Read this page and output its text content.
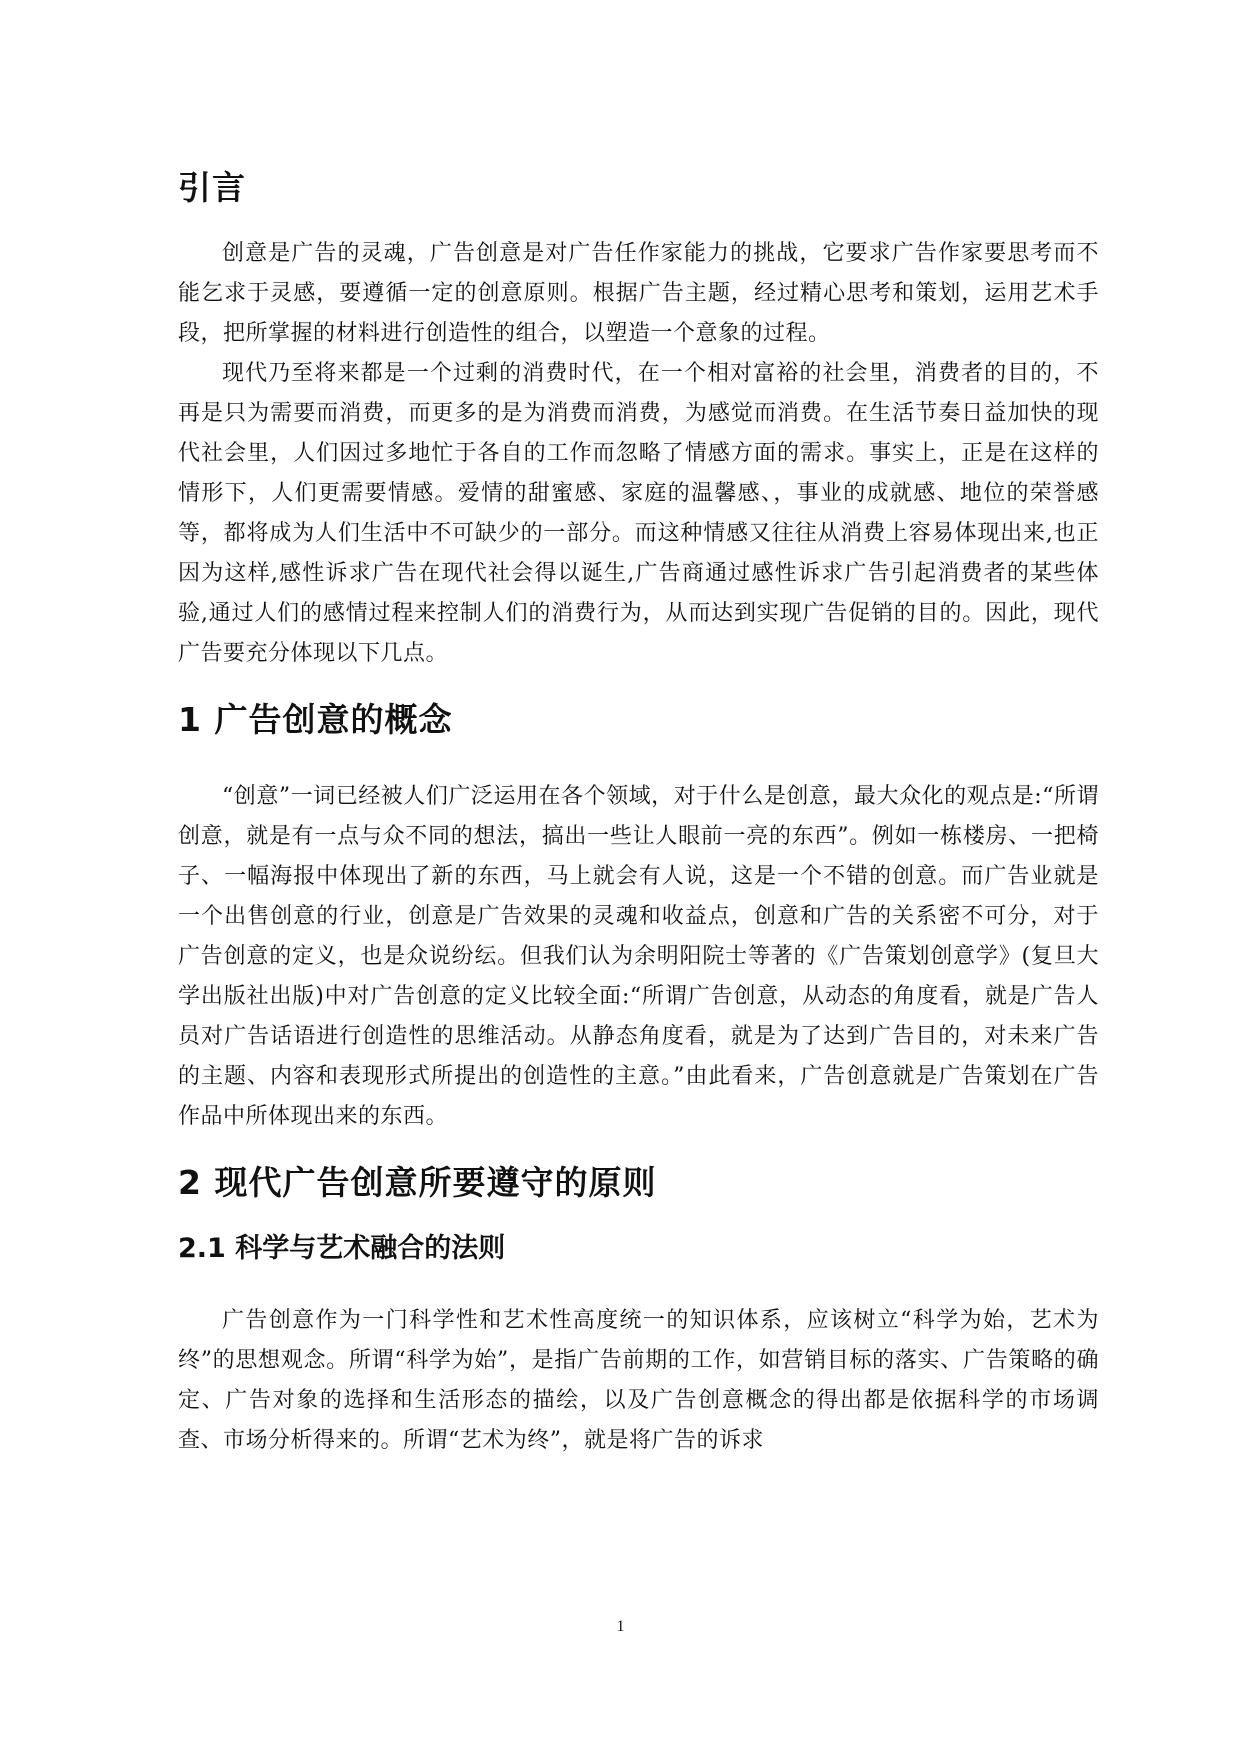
引言

创意是广告的灵魂，广告创意是对广告任作家能力的挑战，它要求广告作家要思考而不能乞求于灵感，要遵循一定的创意原则。根据广告主题，经过精心思考和策划，运用艺术手段，把所掌握的材料进行创造性的组合，以塑造一个意象的过程。

现代乃至将来都是一个过剩的消费时代，在一个相对富裕的社会里，消费者的目的，不再是只为需要而消费，而更多的是为消费而消费，为感觉而消费。在生活节奏日益加快的现代社会里，人们因过多地忙于各自的工作而忽略了情感方面的需求。事实上，正是在这样的情形下，人们更需要情感。爱情的甜蜜感、家庭的温馨感、，事业的成就感、地位的荣誉感等，都将成为人们生活中不可缺少的一部分。而这种情感又往往从消费上容易体现出来,也正因为这样,感性诉求广告在现代社会得以诞生,广告商通过感性诉求广告引起消费者的某些体验,通过人们的感情过程来控制人们的消费行为，从而达到实现广告促销的目的。因此，现代广告要充分体现以下几点。

1 广告创意的概念

“创意”一词已经被人们广泛运用在各个领域，对于什么是创意，最大众化的观点是:“所谓创意，就是有一点与众不同的想法，搞出一些让人眼前一亮的东西”。例如一栋楼房、一把椅子、一幅海报中体现出了新的东西，马上就会有人说，这是一个不错的创意。而广告业就是一个出售创意的行业，创意是广告效果的灵魂和收益点，创意和广告的关系密不可分，对于广告创意的定义，也是众说纷纭。但我们认为余明阳院士等著的《广告策划创意学》(复旦大学出版社出版)中对广告创意的定义比较全面:“所谓广告创意，从动态的角度看，就是广告人员对广告话语进行创造性的思维活动。从静态角度看，就是为了达到广告目的，对未来广告的主题、内容和表现形式所提出的创造性的主意。”由此看来，广告创意就是广告策划在广告作品中所体现出来的东西。

2 现代广告创意所要遵守的原则
2.1 科学与艺术融合的法则

广告创意作为一门科学性和艺术性高度统一的知识体系，应该树立“科学为始，艺术为终”的思想观念。所谓“科学为始”，是指广告前期的工作，如营销目标的落实、广告策略的确定、广告对象的选择和生活形态的描绘，以及广告创意概念的得出都是依据科学的市场调查、市场分析得来的。所谓“艺术为终”，就是将广告的诉求

1
